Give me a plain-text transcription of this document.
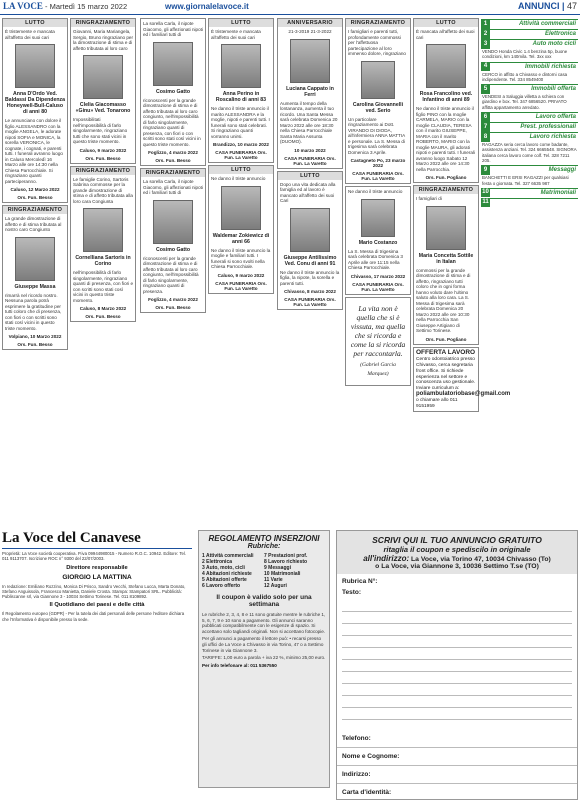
LA VOCE - Martedì 15 marzo 2022	www.giornalelavoce.it	ANNUNCI | 47
LUTTO
È tristemente e mancata all'affetto dei suoi cari
Anna D'Ordo Ved. Baldassi Da Dipendenza Honeywell-Bull-Caluso di anni 80
Le annunciano con dolore il figlio ALESSANDRO con la moglie ANGELA, le adorate nipoti SOFIA e MONICA, la sorella VERONICA, le cognate, i cognati, e parenti tutti. I funerali avranno luogo in Caluso Mercoledì 16 Marzo alle ore 14:30 nella Chiesa Parrocchiale. Si ringraziano quanti parteciperanno.
Caluso, 12 Marzo 2022
Ors. Fun. Besso
RINGRAZIAMENTO
La grande dimostrazione di affetto e di stima tributata al nostro caro Congiunto
Giuseppe Massa
rimarrà nel ricordo nostro. Nessuna parola potrà esprimere la gratitudine per tutti coloro che di presenza, con fiori o con scritti sono stati così vicini in questo triste momento.
Volpiano, 10 Marzo 2022
Ors. Fun. Besso
RINGRAZIAMENTO
Giovanni, Maria Mariangela, Sergio, Bruno ringraziano per la dimostrazione di stima e di affetto tributata al loro caro
Clelia Giacomasso «Ginu» Ved. Tonarono
Impossibilitati nell'impossibilità di farlo singolarmente, ringraziano tutti che sono stati vicini in questo triste momento.
Caluso, 9 marzo 2022
Ors. Fun. Besso
RINGRAZIAMENTO
Le famiglie Corino, Sartoris Sabrina commosse per la grande dimostrazione di stima e di affetto tributata alla loro cara Congiunta
Cornelliana Sartoris in Corino
nell'impossibilità di farlo singolarmente, ringraziano quanti di presenza, con fiori e con scritti sono stati così vicini in questo triste momento.
Caluso, 8 Marzo 2022
Ors. Fun. Besso
La sorella Carla, il nipote Giacomo, gli affezionati nipoti ed i familiari tutti di
Cosimo Gatto
riconoscenti per la grande dimostrazione di stima e di affetto tributata al loro caro congiunto, nell'impossibilità di farlo singolarmente, ringraziano quanti di presenza, con fiori o con scritti sono stati così vicini in questo triste momento.
Foglizzo, 4 marzo 2022
Ors. Fun. Besso
RINGRAZIAMENTO
La sorella Carla, il nipote Giacomo, gli affezionati nipoti ed i familiari tutti di
Cosimo Gatto
riconoscenti per la grande dimostrazione di stima e di affetto tributata al loro caro congiunto, nell'impossibilità di farlo singolarmente, ringraziano quanti di presenza.
Foglizzo, 4 marzo 2022
Ors. Fun. Besso
LUTTO
È tristemente e mancata all'affetto dei suoi cari
Anna Perino in Roscalino di anni 83
Ne danno il triste annuncio il marito ALESSANDRA e la moglie, nipoti e parenti tutti. I funerali sono stati celebrati. Si ringraziano quanti vorranno unirsi.
Brandizzo, 10 marzo 2022
CASA FUNERARIA Ors. Fun. La Varetto
LUTTO
Ne danno il triste annuncio
Waldemar Zokiewicz di anni 66
Ne danno il triste annuncio la moglie e familiari tutti. I funerali si sono svolti nella Chiesa Parrocchiale.
Caluso, 9 marzo 2022
CASA FUNERARIA Ors. Fun. La Varetto
ANNIVERSARIO
21-3-2019 21-3-2022
Luciana Cappato in Ferri
Aumenta il tempo della lontananza, aumenta il tuo ricordo. Una Santa Messa sarà celebrata Domenica 20 Marzo 2022 alle ore 18:30 nella Chiesa Parrocchiale Santa Maria Assunta (DUOMO).
10 marzo 2022
CASA FUNERARIA Ors. Fun. La Varetto
LUTTO
Dopo una vita dedicata alla famiglia ed al lavoro è mancato all'affetto dei suoi Cari
Giuseppe Antilissimo Ved. Conu di anni 91
Ne danno il triste annuncio la figlia, la nipote, la sorella e parenti tutti.
Chivasso, 8 marzo 2022
CASA FUNERARIA Ors. Fun. La Varetto
RINGRAZIAMENTO
I famigliari e parenti tutti, profondamente commossi per l'affettuosa partecipazione al loro immenso dolore, ringraziano
Carolina Giovannelli ved. Serio
Un particolare ringraziamento ai Dott. VIRANDO DI DIODA, all'infermiera ANNA MATTIA e personale. La S. Messa di trigesima sarà celebrata Domenica 3 Aprile.
Castagneto Po, 23 marzo 2022
CASA FUNERARIA Ors. Fun. La Varetto
Ne danno il triste annuncio
Mario Costanzo
La S. Messa di trigesima sarà celebrata Domenica 3 Aprile alle ore 11:15 nella Chiesa Parrocchiale.
Chivasso, 17 marzo 2022
CASA FUNERARIA Ors. Fun. La Varetto
La vita non è quella che si è vissuta, ma quella che si ricorda e come la si ricorda per raccontarla.
(Gabriel Garcia Marquez)
LUTTO
È mancata all'affetto dei suoi cari
Rosa Francolino ved. Infantino di anni 89
Ne danno il triste annuncio il figlio PINO con la moglie CARMELA, MARIO con la moglie CLAUDIA, TERESA con il marito GIUSEPPE, MARIA con il marito ROBERTO, MARIO con la moglie MAURA, gli adorati nipoti e parenti tutti. I funerali avranno luogo Sabato 12 Marzo 2022 alle ore 14:30 nella Parrocchia.
Ors. Fun. Pogliano
RINGRAZIAMENTO
I famigliari di
Maria Concetta Sottile in Italan
commossi per la grande dimostrazione di stima e di affetto, ringraziano tutti coloro che in ogni forma hanno voluto dare l'ultimo saluto alla loro cara. La S. Messa di trigesima sarà celebrata Domenica 20 Marzo 2022 alle ore 10:30 nella Parrocchia San Giuseppe Artigiano di Settimo Torinese.
Ors. Fun. Pogliano
OFFERTA LAVORO
Centro odontoiatrico presso Chivasso, cerca segretaria front office. Si richiede esperienza nel settore e conoscenza uso gestionale. Inviare curriculum a:
poliambulatoriobase@gmail.com
o chiamare allo 011 9151959
1	Attività commerciali
2	Elettronica
3	Auto moto cicli
VENDO Honda Civic 1.4 benzina 5p, buone condizioni, km 140mila. Tel. 3xx xxx
4	Immobili richiesta
CERCO in affitto a Chivasso e dintorni casa indipendente. Tel. 334 8549400
5	Immobili offerta
VENDESI a Saluggia villetta a schiera con giardino e box. Tel. 347 6856520. PRIVATO affitta appartamento arredato.
6	Lavoro offerta
7	Prest. professionali
8	Lavoro richiesta
RAGAZZA seria cerca lavoro come badante, assistenza anziani. Tel. 324 6665548. SIGNORA italiana cerca lavoro come colf. Tel. 328 7211 205.
9	Messaggi
BANCHETTI E ERSI RAGAZZI per qualsiasi festa o giornata. Tel. 327 6635 987
10	Matrimoniali
11
La Voce del Canavese
Proprietà: La Voce società cooperativa. P.iva 09944980015 - Numero R.O.C. 10942. Editore: Tel. 011 9113707. Iscrizione ROC n° 9300 del 22/07/2003.
Direttore responsabile
GIORGIO LA MATTINA
In redazione: Emiliano Rozzino, Monica Di Prisco, Sandro Vecchi, Stefano Lucca, Marta Donato, Stefano Anguissola, Francesco Manietta, Daniele Crosta. Stampa: Stampatori SRL. Pubblicità: Publiscanne srl, via Giannone 3 - 10034 Settimo Torinese. Tel. 011 8109892.
Il Quotidiano dei paesi e delle città
Il Regolamento europeo (GDPR) - Per la tutela dei dati personali delle persone l'editore dichiara che l'Informativa è disponibile presso la sede.
REGOLAMENTO INSERZIONI
Rubriche:
1 Attività commerciali
2 Elettronica
3 Auto, moto, cicli
4 Abitazioni richieste
5 Abitazioni offerte
6 Lavoro offerto
7 Prestazioni prof.
8 Lavoro richiesto
9 Messaggi
10 Matrimoniali
11 Varie
12 Auguri
Il coupon è valido solo per una settimana
Le rubriche 2, 3, 4, 8 e 11 sono gratuite mentre le rubriche 1, 5, 6, 7, 9 e 10 sono a pagamento. Gli annunci saranno pubblicati compatibilmente con le esigenze di spazio. Si accettano solo tagliandi originali. Non si accettano fotocopie.
Per gli annunci a pagamento il lettore può: • recarsi presso gli uffici de La Voce a Chivasso in via Torino, 47 o a Settimo Torinese in via Giannone 3.
TARIFFE: 1,00 euro a parola + iva 22 %, minimo 25,00 euro.
Per info telefonare al: 011 5367550
SCRIVI QUI IL TUO ANNUNCIO GRATUITO
ritaglia il coupon e spediscilo in originale
all'indirizzo: La Voce, via Torino 47, 10034 Chivasso (To)
o La Voce, via Giannone 3, 10036 Settimo T.se (TO)
Rubrica N°:
Testo:
Telefono:
Nome e Cognome:
Indirizzo:
Carta d'identità:
